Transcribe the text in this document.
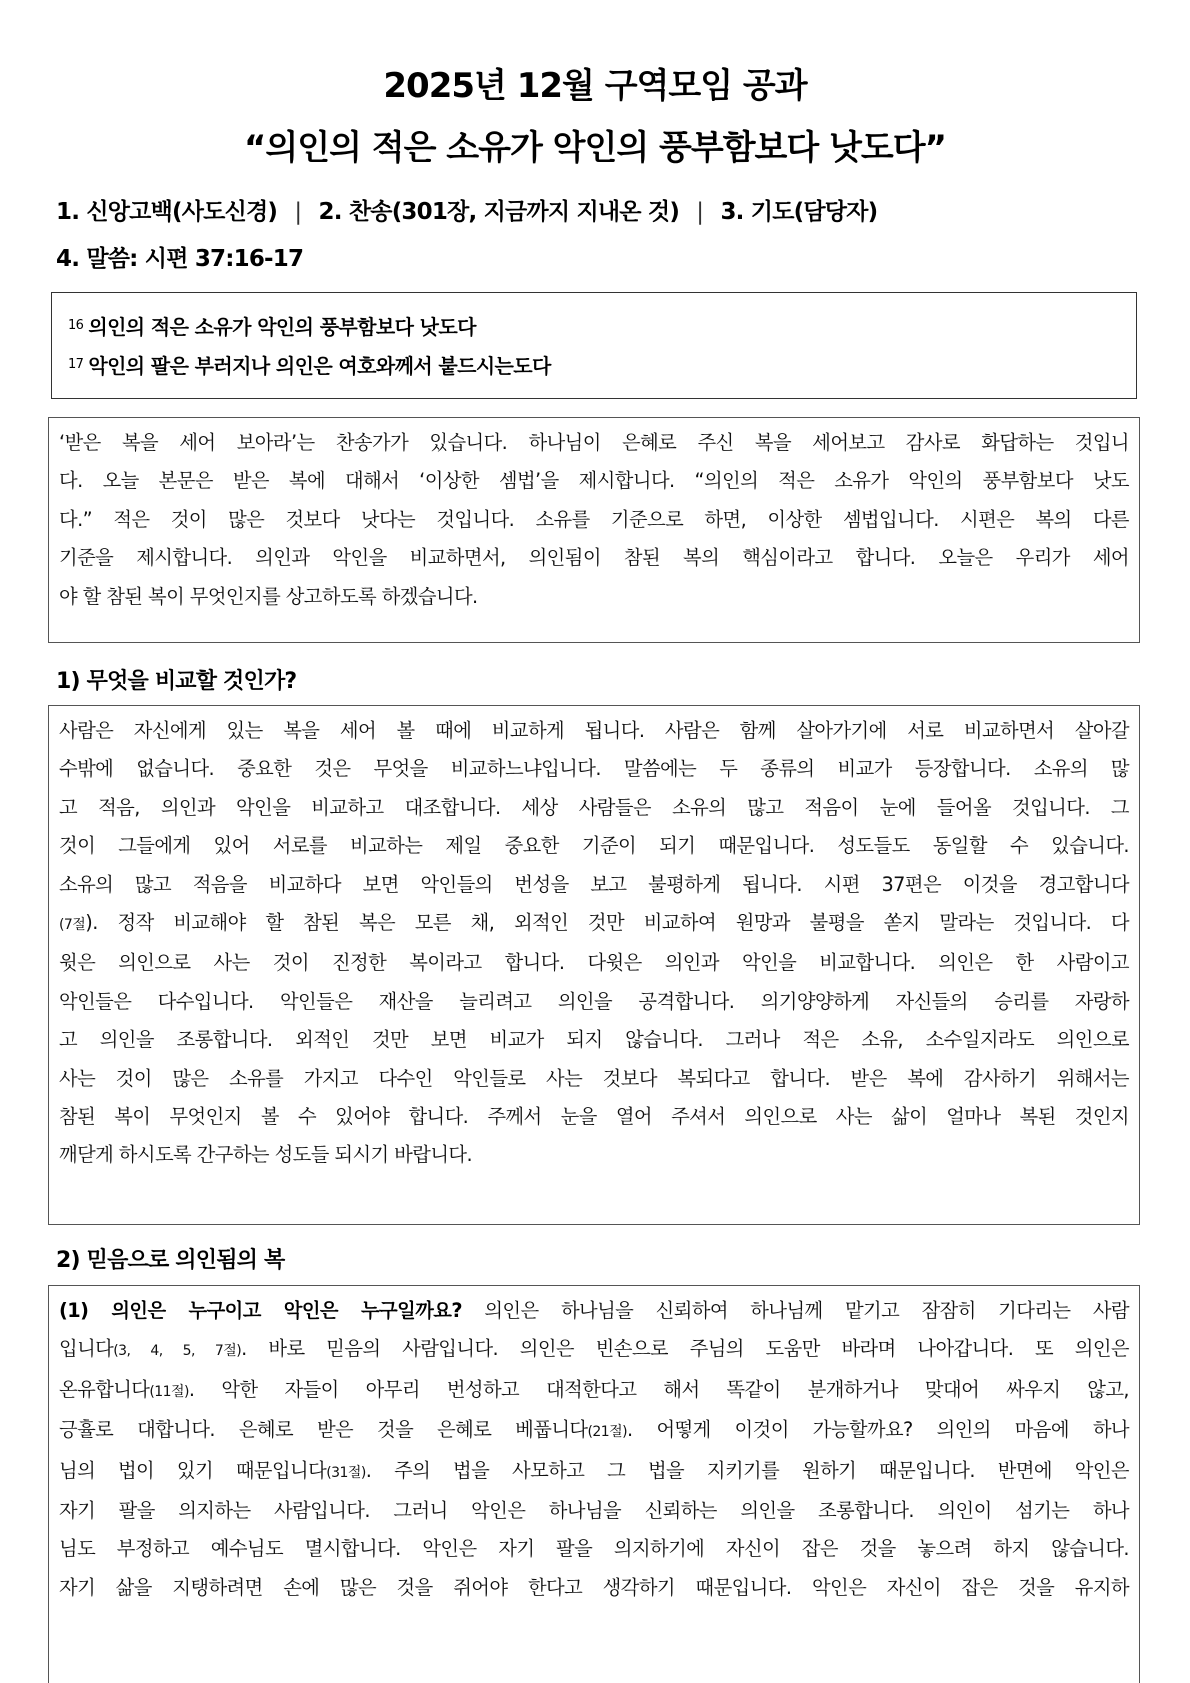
2025년 12월 구역모임 공과
“의인의 적은 소유가 악인의 풍부함보다 낫도다”
1. 신앙고백(사도신경) | 2. 찬송(301장, 지금까지 지내온 것) | 3. 기도(담당자)
4. 말씀: 시편 37:16-17
$^{16}$ 의인의 적은 소유가 악인의 풍부함보다 낫도다
$^{17}$ 악인의 팔은 부러지나 의인은 여호와께서 붙드시는도다
‘받은 복을 세어 보아라’는 찬송가가 있습니다. 하나님이 은혜로 주신 복을 세어보고 감사로 화답하는 것입니
다. 오늘 본문은 받은 복에 대해서 ‘이상한 셈법’을 제시합니다. “의인의 적은 소유가 악인의 풍부함보다 낫도
다.” 적은 것이 많은 것보다 낫다는 것입니다. 소유를 기준으로 하면, 이상한 셈법입니다. 시편은 복의 다른
기준을 제시합니다. 의인과 악인을 비교하면서, 의인됨이 참된 복의 핵심이라고 합니다. 오늘은 우리가 세어
야 할 참된 복이 무엇인지를 상고하도록 하겠습니다.
1) 무엇을 비교할 것인가?
사람은 자신에게 있는 복을 세어 볼 때에 비교하게 됩니다. 사람은 함께 살아가기에 서로 비교하면서 살아갈
수밖에 없습니다. 중요한 것은 무엇을 비교하느냐입니다. 말씀에는 두 종류의 비교가 등장합니다. 소유의 많
고 적음, 의인과 악인을 비교하고 대조합니다. 세상 사람들은 소유의 많고 적음이 눈에 들어올 것입니다. 그
것이 그들에게 있어 서로를 비교하는 제일 중요한 기준이 되기 때문입니다. 성도들도 동일할 수 있습니다.
소유의 많고 적음을 비교하다 보면 악인들의 번성을 보고 불평하게 됩니다. 시편 37편은 이것을 경고합니다
(7절). 정작 비교해야 할 참된 복은 모른 채, 외적인 것만 비교하여 원망과 불평을 쏟지 말라는 것입니다. 다
윗은 의인으로 사는 것이 진정한 복이라고 합니다. 다윗은 의인과 악인을 비교합니다. 의인은 한 사람이고
악인들은 다수입니다. 악인들은 재산을 늘리려고 의인을 공격합니다. 의기양양하게 자신들의 승리를 자랑하
고 의인을 조롱합니다. 외적인 것만 보면 비교가 되지 않습니다. 그러나 적은 소유, 소수일지라도 의인으로
사는 것이 많은 소유를 가지고 다수인 악인들로 사는 것보다 복되다고 합니다. 받은 복에 감사하기 위해서는
참된 복이 무엇인지 볼 수 있어야 합니다. 주께서 눈을 열어 주셔서 의인으로 사는 삶이 얼마나 복된 것인지
깨닫게 하시도록 간구하는 성도들 되시기 바랍니다.
2) 믿음으로 의인됨의 복
(1) 의인은 누구이고 악인은 누구일까요? 의인은 하나님을 신뢰하여 하나님께 맡기고 잠잠히 기다리는 사람
입니다(3, 4, 5, 7절). 바로 믿음의 사람입니다. 의인은 빈손으로 주님의 도움만 바라며 나아갑니다. 또 의인은
온유합니다(11절). 악한 자들이 아무리 번성하고 대적한다고 해서 똑같이 분개하거나 맞대어 싸우지 않고,
긍휼로 대합니다. 은혜로 받은 것을 은혜로 베풉니다(21절). 어떻게 이것이 가능할까요? 의인의 마음에 하나
님의 법이 있기 때문입니다(31절). 주의 법을 사모하고 그 법을 지키기를 원하기 때문입니다. 반면에 악인은
자기 팔을 의지하는 사람입니다. 그러니 악인은 하나님을 신뢰하는 의인을 조롱합니다. 의인이 섬기는 하나
님도 부정하고 예수님도 멸시합니다. 악인은 자기 팔을 의지하기에 자신이 잡은 것을 놓으려 하지 않습니다.
자기 삶을 지탱하려면 손에 많은 것을 쥐어야 한다고 생각하기 때문입니다. 악인은 자신이 잡은 것을 유지하
